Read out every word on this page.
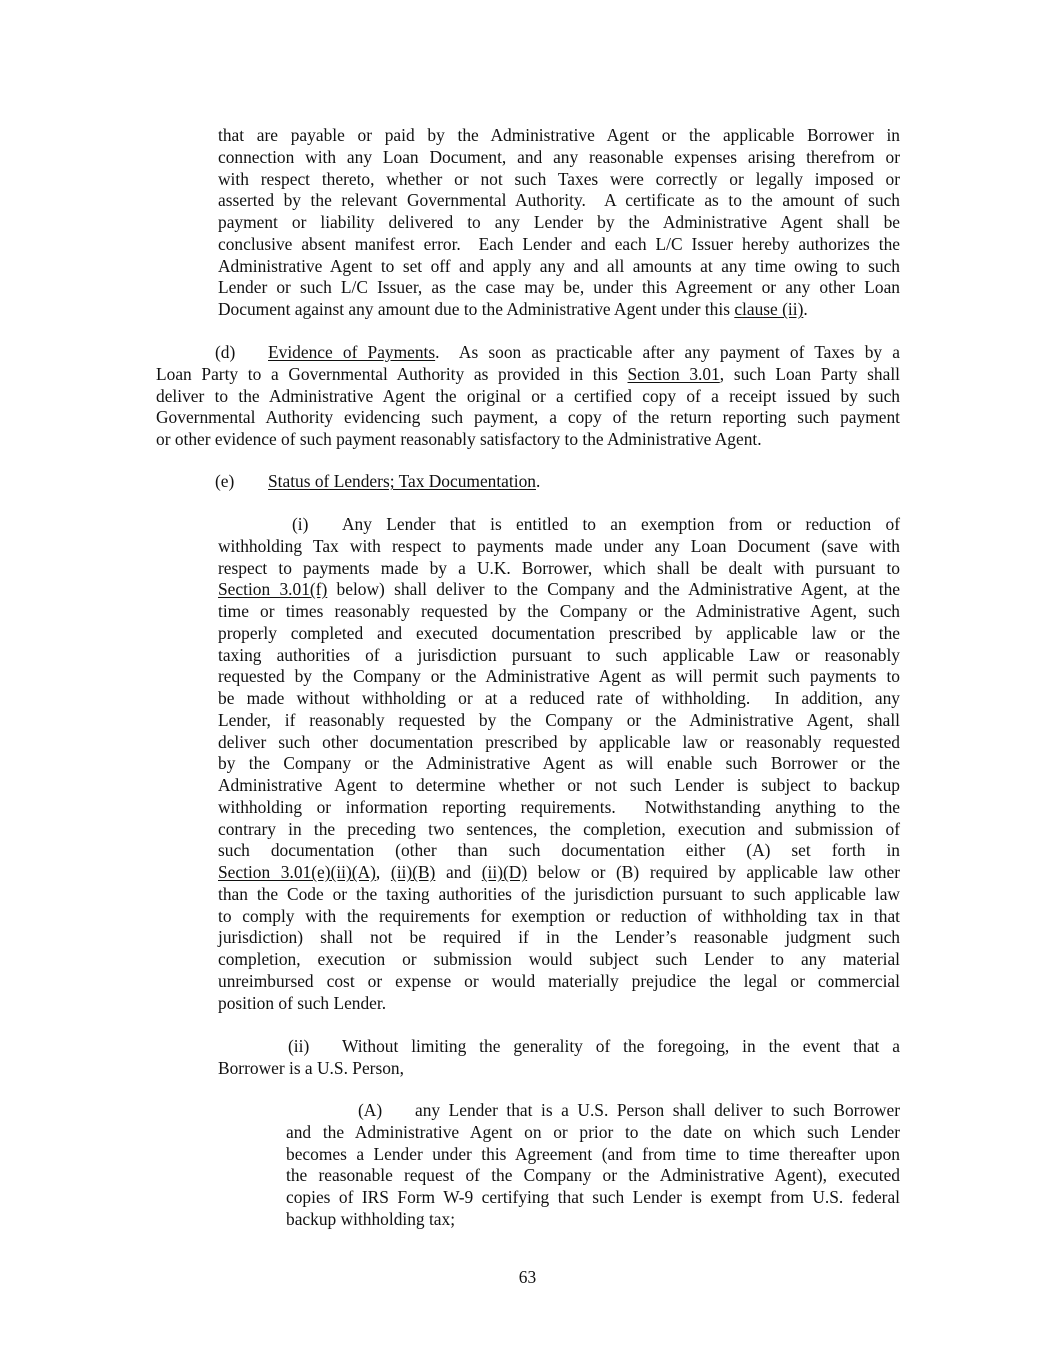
that are payable or paid by the Administrative Agent or the applicable Borrower in
connection with any Loan Document, and any reasonable expenses arising therefrom or
with respect thereto, whether or not such Taxes were correctly or legally imposed or
asserted by the relevant Governmental Authority.  A certificate as to the amount of such
payment or liability delivered to any Lender by the Administrative Agent shall be
conclusive absent manifest error.  Each Lender and each L/C Issuer hereby authorizes the
Administrative Agent to set off and apply any and all amounts at any time owing to such
Lender or such L/C Issuer, as the case may be, under this Agreement or any other Loan
Document against any amount due to the Administrative Agent under this clause (ii).
(d) Evidence of Payments.  As soon as practicable after any payment of Taxes by a
Loan Party to a Governmental Authority as provided in this Section 3.01, such Loan Party shall
deliver to the Administrative Agent the original or a certified copy of a receipt issued by such
Governmental Authority evidencing such payment, a copy of the return reporting such payment
or other evidence of such payment reasonably satisfactory to the Administrative Agent.
(e) Status of Lenders; Tax Documentation.
(i) Any Lender that is entitled to an exemption from or reduction of
withholding Tax with respect to payments made under any Loan Document (save with
respect to payments made by a U.K. Borrower, which shall be dealt with pursuant to
Section 3.01(f) below) shall deliver to the Company and the Administrative Agent, at the
time or times reasonably requested by the Company or the Administrative Agent, such
properly completed and executed documentation prescribed by applicable law or the
taxing authorities of a jurisdiction pursuant to such applicable Law or reasonably
requested by the Company or the Administrative Agent as will permit such payments to
be made without withholding or at a reduced rate of withholding.  In addition, any
Lender, if reasonably requested by the Company or the Administrative Agent, shall
deliver such other documentation prescribed by applicable law or reasonably requested
by the Company or the Administrative Agent as will enable such Borrower or the
Administrative Agent to determine whether or not such Lender is subject to backup
withholding or information reporting requirements.  Notwithstanding anything to the
contrary in the preceding two sentences, the completion, execution and submission of
such documentation (other than such documentation either (A) set forth in
Section 3.01(e)(ii)(A), (ii)(B) and (ii)(D) below or (B) required by applicable law other
than the Code or the taxing authorities of the jurisdiction pursuant to such applicable law
to comply with the requirements for exemption or reduction of withholding tax in that
jurisdiction) shall not be required if in the Lender’s reasonable judgment such
completion, execution or submission would subject such Lender to any material
unreimbursed cost or expense or would materially prejudice the legal or commercial
position of such Lender.
(ii) Without limiting the generality of the foregoing, in the event that a
Borrower is a U.S. Person,
(A) any Lender that is a U.S. Person shall deliver to such Borrower
and the Administrative Agent on or prior to the date on which such Lender
becomes a Lender under this Agreement (and from time to time thereafter upon
the reasonable request of the Company or the Administrative Agent), executed
copies of IRS Form W-9 certifying that such Lender is exempt from U.S. federal
backup withholding tax;
63
